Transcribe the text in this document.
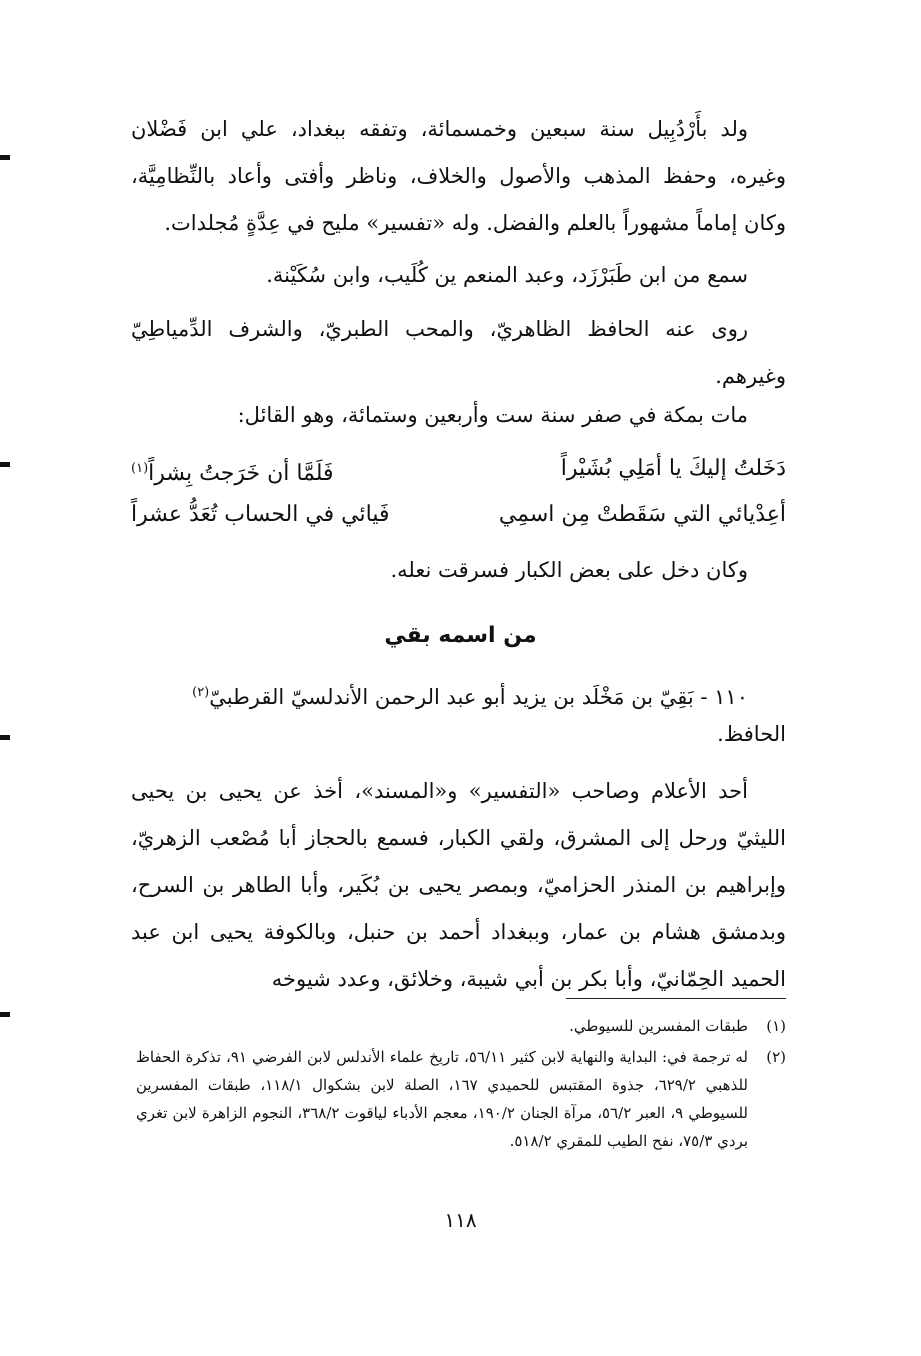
ولد بأَرْدُبِيل سنة سبعين وخمسمائة، وتفقه ببغداد، علي ابن فَضْلان وغيره، وحفظ المذهب والأصول والخلاف، وناظر وأفتى وأعاد بالنِّظامِيَّة، وكان إماماً مشهوراً بالعلم والفضل. وله «تفسير» مليح في عِدَّةٍ مُجلدات.
سمع من ابن طَبَرْزَد، وعبد المنعم ين كُلَيب، وابن سُكَيْنة.
روى عنه الحافظ الظاهريّ، والمحب الطبريّ، والشرف الدِّمياطِيّ وغيرهم.
مات بمكة في صفر سنة ست وأربعين وستمائة، وهو القائل:
دَخَلتُ إليكَ يا أمَلِي بُشَيْراً
فَلَمَّا أن خَرَجتُ بِشراً(١)
أعِدْيائي التي سَقَطتْ مِن اسمِي
فَيائي في الحساب تُعَدُّ عشراً
وكان دخل على بعض الكبار فسرقت نعله.
من اسمه بقي
١١٠ - بَقِيّ بن مَخْلَد بن يزيد أبو عبد الرحمن الأندلسيّ القرطبيّ$^{(٢)}$
الحافظ.
أحد الأعلام وصاحب «التفسير» و«المسند»، أخذ عن يحيى بن يحيى الليثيّ ورحل إلى المشرق، ولقي الكبار، فسمع بالحجاز أبا مُصْعب الزهريّ، وإبراهيم بن المنذر الحزاميّ، وبمصر يحيى بن بُكَير، وأبا الطاهر بن السرح، وبدمشق هشام بن عمار، وببغداد أحمد بن حنبل، وبالكوفة يحيى ابن عبد الحميد الحِمّانيّ، وأبا بكر بن أبي شيبة، وخلائق، وعدد شيوخه
(١)طبقات المفسرين للسيوطي.
(٢)له ترجمة في: البداية والنهاية لابن كثير ٥٦/١١، تاريخ علماء الأندلس لابن الفرضي ٩١، تذكرة الحفاظ للذهبي ٦٢٩/٢، جذوة المقتبس للحميدي ١٦٧، الصلة لابن بشكوال ١١٨/١، طبقات المفسرين للسيوطي ٩، العبر ٥٦/٢، مرآة الجنان ١٩٠/٢، معجم الأدباء لياقوت ٣٦٨/٢، النجوم الزاهرة لابن تغري بردي ٧٥/٣، نفح الطيب للمقري ٥١٨/٢.
١١٨
